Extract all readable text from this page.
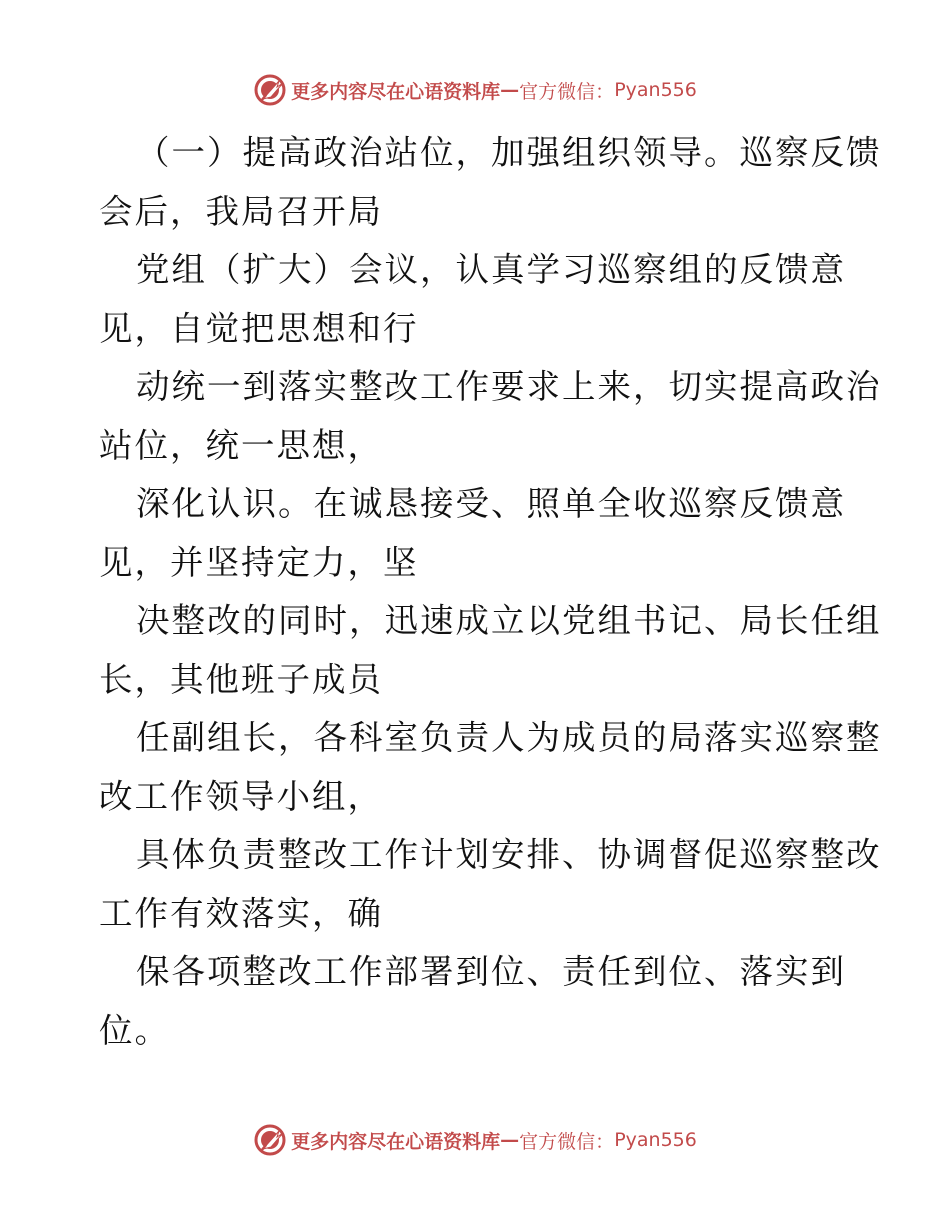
更多内容尽在心语资料库 — 官方微信： Pyan556
（一）提高政治站位，加强组织领导。巡察反馈
会后，我局召开局
党组（扩大）会议，认真学习巡察组的反馈意
见，自觉把思想和行
动统一到落实整改工作要求上来，切实提高政治
站位，统一思想，
深化认识。在诚恳接受、照单全收巡察反馈意
见，并坚持定力，坚
决整改的同时，迅速成立以党组书记、局长任组
长，其他班子成员
任副组长，各科室负责人为成员的局落实巡察整
改工作领导小组，
具体负责整改工作计划安排、协调督促巡察整改
工作有效落实，确
保各项整改工作部署到位、责任到位、落实到
位。
更多内容尽在心语资料库 — 官方微信： Pyan556
